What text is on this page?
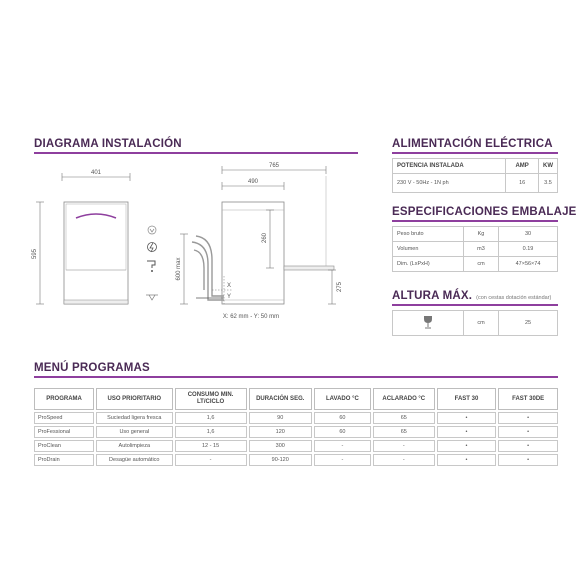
DIAGRAMA INSTALACIÓN
401
595
765
490
260
275
600 max
X
Y
X: 62 mm - Y: 50 mm
ALIMENTACIÓN ELÉCTRICA
POTENCIA INSTALADA	AMP	KW
230 V - 50Hz - 1N ph	16	3.5
ESPECIFICACIONES EMBALAJE
Peso bruto	Kg	30
Volumen	m3	0.19
Dim. (LxPxH)	cm	47×56×74
ALTURA MÁX. (con cestas dotación estándar)
	cm	25
MENÚ PROGRAMAS
PROGRAMA	USO PRIORITARIO	CONSUMO MIN. LT/CICLO	DURACIÓN SEG.	LAVADO °C	ACLARADO °C	FAST 30	FAST 30DE
ProSpeed	Suciedad ligera fresca	1,6	90	60	65	•	•
ProFessional	Uso general	1,6	120	60	65	•	•
ProClean	Autolimpieza	12 - 15	300	-	-	•	•
ProDrain	Desagüe automático	-	90-120	-	-	•	•
